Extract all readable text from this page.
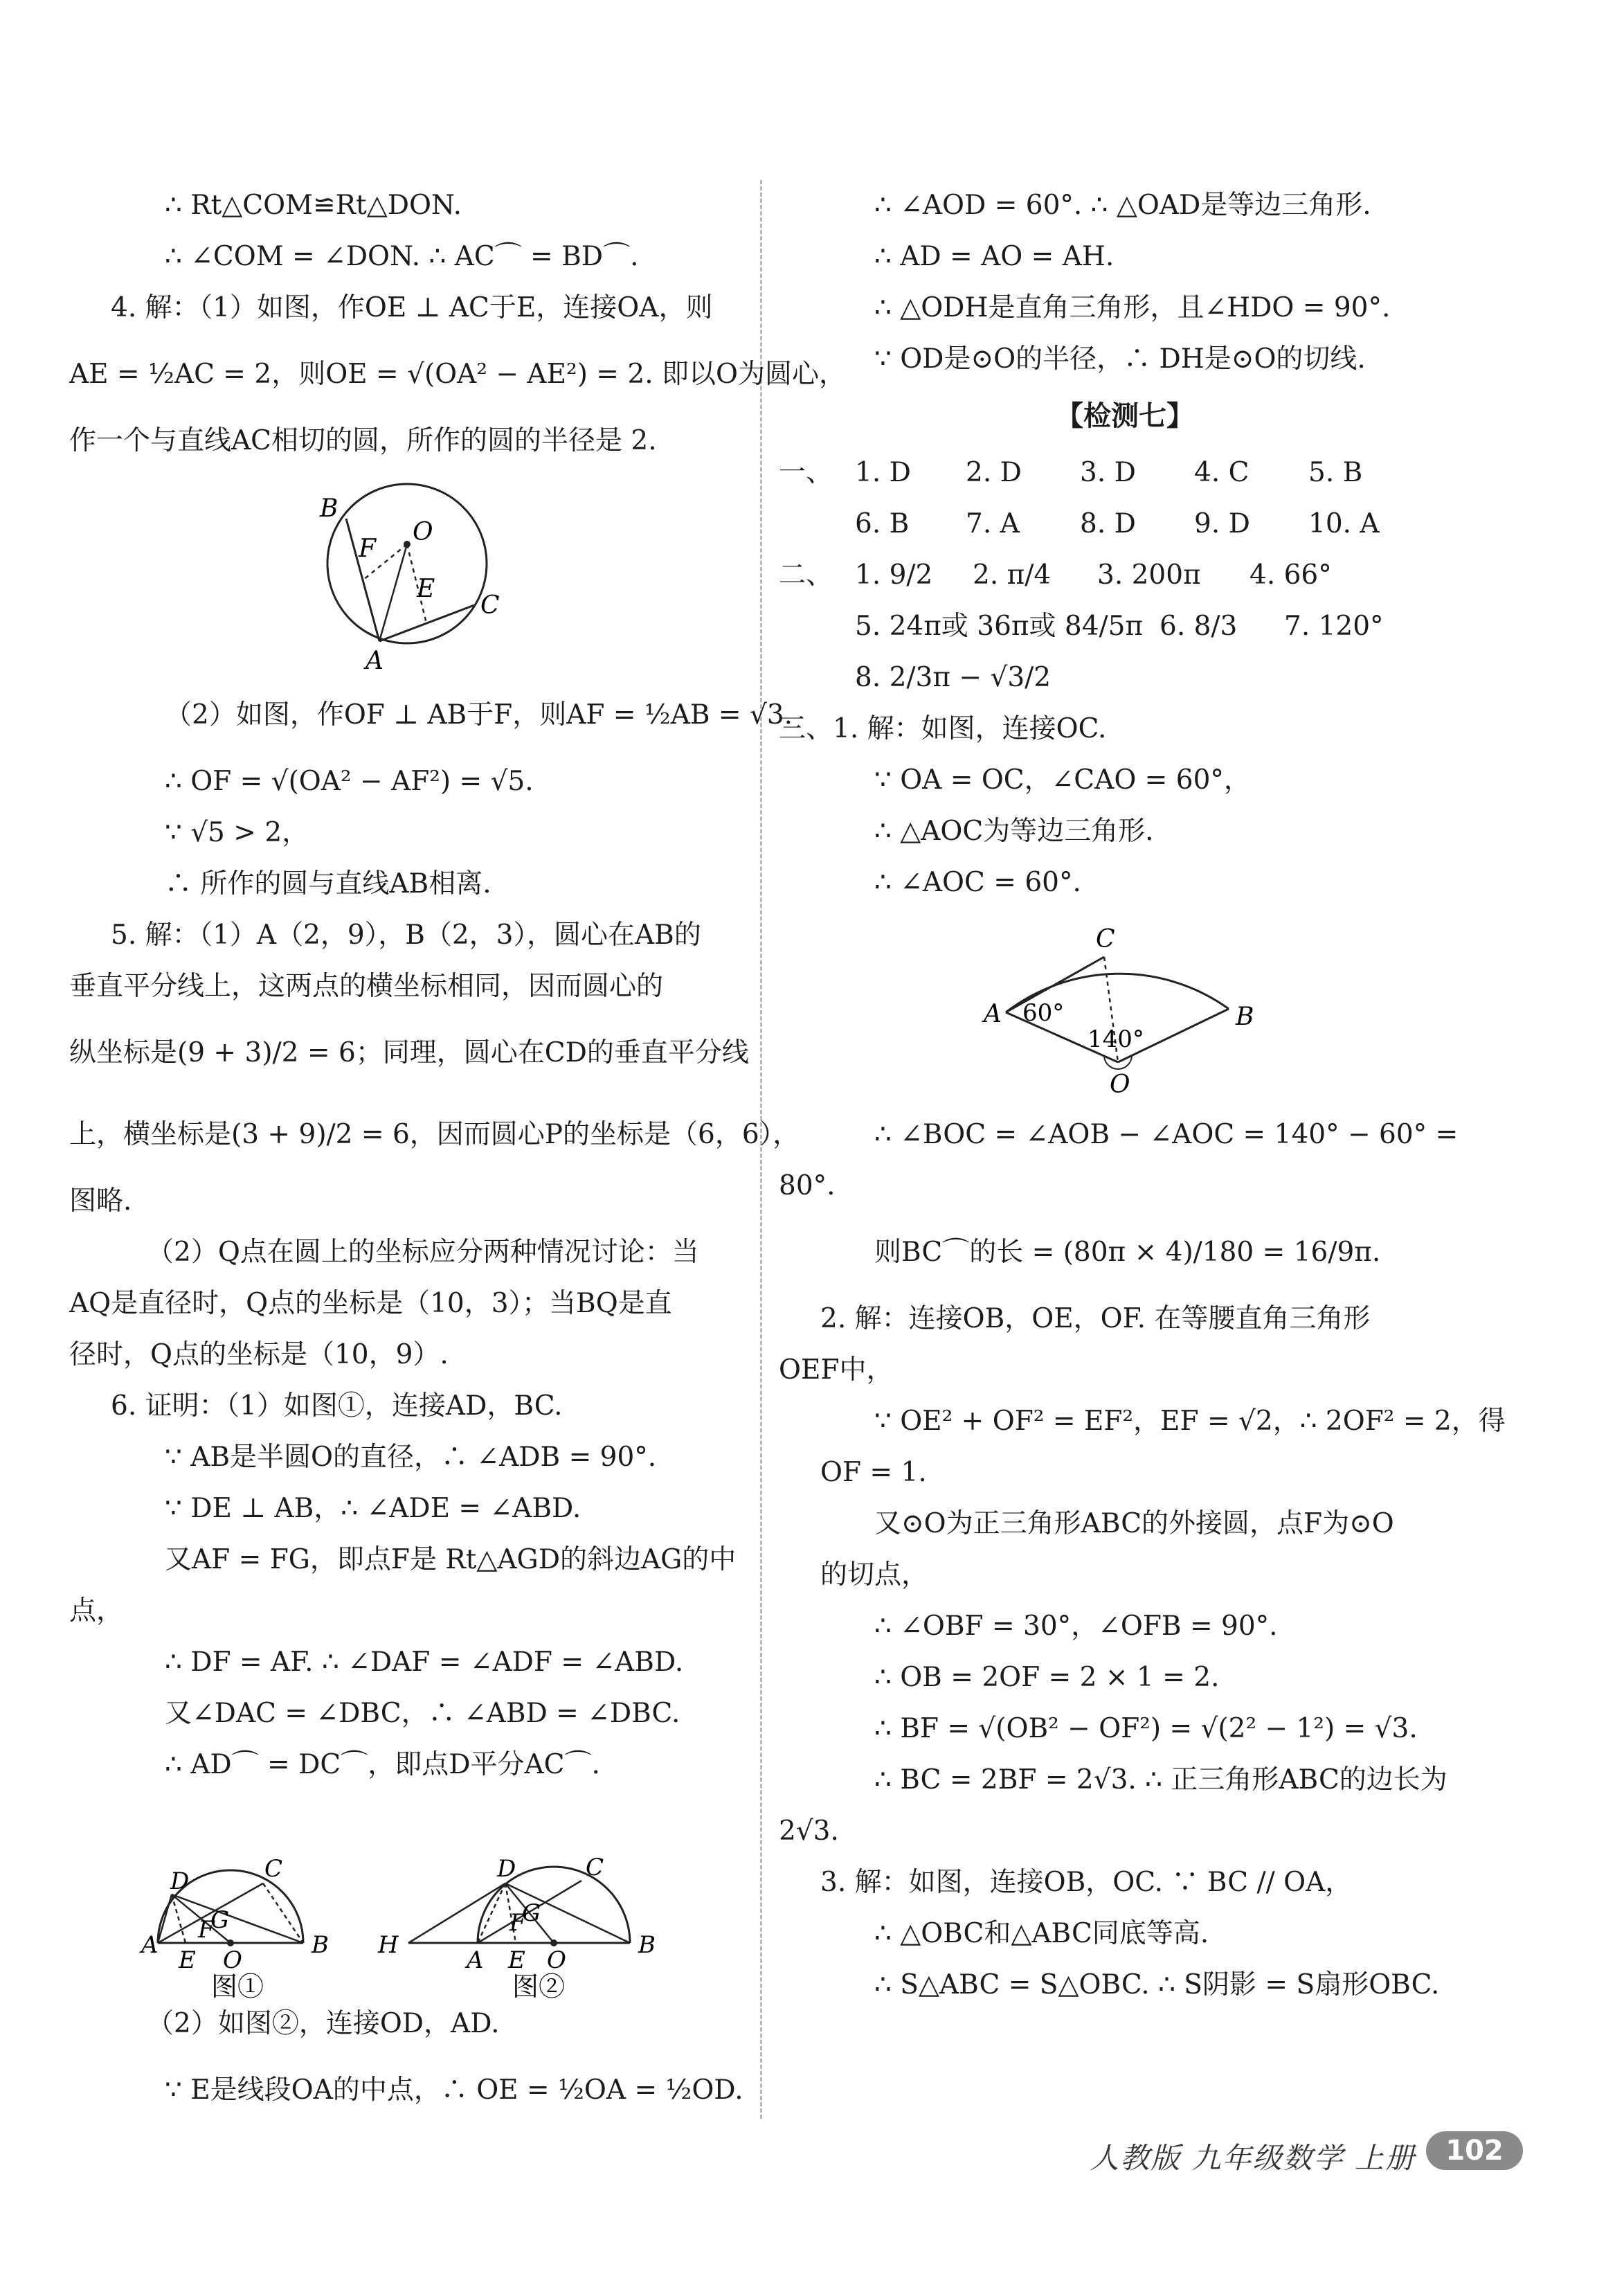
∴ Rt△COM≌Rt△DON.
∴ ∠COM = ∠DON. ∴ AC⌒ = BD⌒.
4. 解：（1）如图，作OE ⊥ AC于E，连接OA，则
AE = ½AC = 2，则OE = √(OA² − AE²) = 2. 即以O为圆心，
作一个与直线AC相切的圆，所作的圆的半径是 2.
B
F
O
E
C
A
（2）如图，作OF ⊥ AB于F，则AF = ½AB = √3.
∴ OF = √(OA² − AF²) = √5.
∵ √5 > 2，
∴ 所作的圆与直线AB相离.
5. 解：（1）A（2，9），B（2，3），圆心在AB的
垂直平分线上，这两点的横坐标相同，因而圆心的
纵坐标是(9 + 3)/2 = 6；同理，圆心在CD的垂直平分线
上，横坐标是(3 + 9)/2 = 6，因而圆心P的坐标是（6，6），
图略.
（2）Q点在圆上的坐标应分两种情况讨论：当
AQ是直径时，Q点的坐标是（10，3）；当BQ是直
径时，Q点的坐标是（10，9）.
6. 证明：（1）如图①，连接AD，BC.
∵ AB是半圆O的直径，∴ ∠ADB = 90°.
∵ DE ⊥ AB，∴ ∠ADE = ∠ABD.
又AF = FG，即点F是 Rt△AGD的斜边AG的中
点，
∴ DF = AF. ∴ ∠DAF = ∠ADF = ∠ABD.
又∠DAC = ∠DBC，∴ ∠ABD = ∠DBC.
∴ AD⌒ = DC⌒，即点D平分AC⌒.
D	C
G
F
A
E O
B
图①
D	C
G
F
H
A E O
B
图②
（2）如图②，连接OD，AD.
∵ E是线段OA的中点，∴ OE = ½OA = ½OD.
∴ ∠AOD = 60°. ∴ △OAD是等边三角形.
∴ AD = AO = AH.
∴ △ODH是直角三角形，且∠HDO = 90°.
∵ OD是⊙O的半径，∴ DH是⊙O的切线.
【检测七】
一、 1. D 2. D 3. D 4. C 5. B
6. B 7. A 8. D 9. D 10. A
二、 1. 9/2 2. π/4 3. 200π 4. 66°
5. 24π或 36π或 84/5π 6. 8/3 7. 120°
8. 2/3π − √3/2
三、1. 解：如图，连接OC.
∵ OA = OC，∠CAO = 60°，
∴ △AOC为等边三角形.
∴ ∠AOC = 60°.
C
A 60°
140°
B
O
∴ ∠BOC = ∠AOB − ∠AOC = 140° − 60° =
80°.
则BC⌒的长 = (80π × 4)/180 = 16/9π.
2. 解：连接OB，OE，OF. 在等腰直角三角形
OEF中，
∵ OE² + OF² = EF²，EF = √2，∴ 2OF² = 2，得
OF = 1.
又⊙O为正三角形ABC的外接圆，点F为⊙O
的切点，
∴ ∠OBF = 30°，∠OFB = 90°.
∴ OB = 2OF = 2 × 1 = 2.
∴ BF = √(OB² − OF²) = √(2² − 1²) = √3.
∴ BC = 2BF = 2√3. ∴ 正三角形ABC的边长为
2√3.
3. 解：如图，连接OB，OC. ∵ BC // OA，
∴ △OBC和△ABC同底等高.
∴ S△ABC = S△OBC. ∴ S阴影 = S扇形OBC.
人教版 九年级数学 上册	102
